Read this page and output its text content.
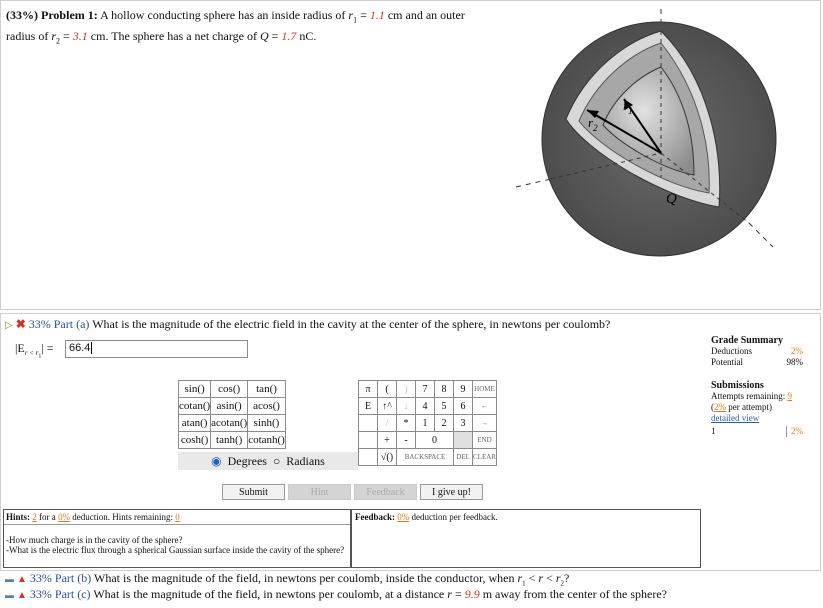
(33%) Problem 1: A hollow conducting sphere has an inside radius of $r_1 = 1.1$ cm and an outer
radius of $r_2 = 3.1$ cm. The sphere has a net charge of Q = 1.7 nC.
$r_1$
$r_2$
Q
▷ ✖ 33% Part (a) What is the magnitude of the electric field in the cavity at the center of the sphere, in newtons per coulomb?
$|E_{r < r_1}|$ =	66.4
Grade Summary
Deductions	2%
Potential	98%
Submissions
Attempts remaining: 9
(2% per attempt)
detailed view
1	2%
sin()	cos()	tan()
cotan()	asin()	acos()
atan()	acotan()	sinh()
cosh()	tanh()	cotanh()
◉ Degrees ○ Radians
π	(	)	7	8	9	HOME
E	↑^	↓	4	5	6	←
	/	*	1	2	3	→
	+	-	0			END
	√()	BACKSPACE			DEL	CLEAR
Submit	Hint	Feedback	I give up!
Hints: 2 for a 0% deduction. Hints remaining: 0
-How much charge is in the cavity of the sphere?
-What is the electric flux through a spherical Gaussian surface inside the cavity of the sphere?
Feedback: 0% deduction per feedback.
▬ ▲ 33% Part (b) What is the magnitude of the field, in newtons per coulomb, inside the conductor, when $r_1 < r < r_2$?
▬ ▲ 33% Part (c) What is the magnitude of the field, in newtons per coulomb, at a distance r = 9.9 m away from the center of the sphere?
